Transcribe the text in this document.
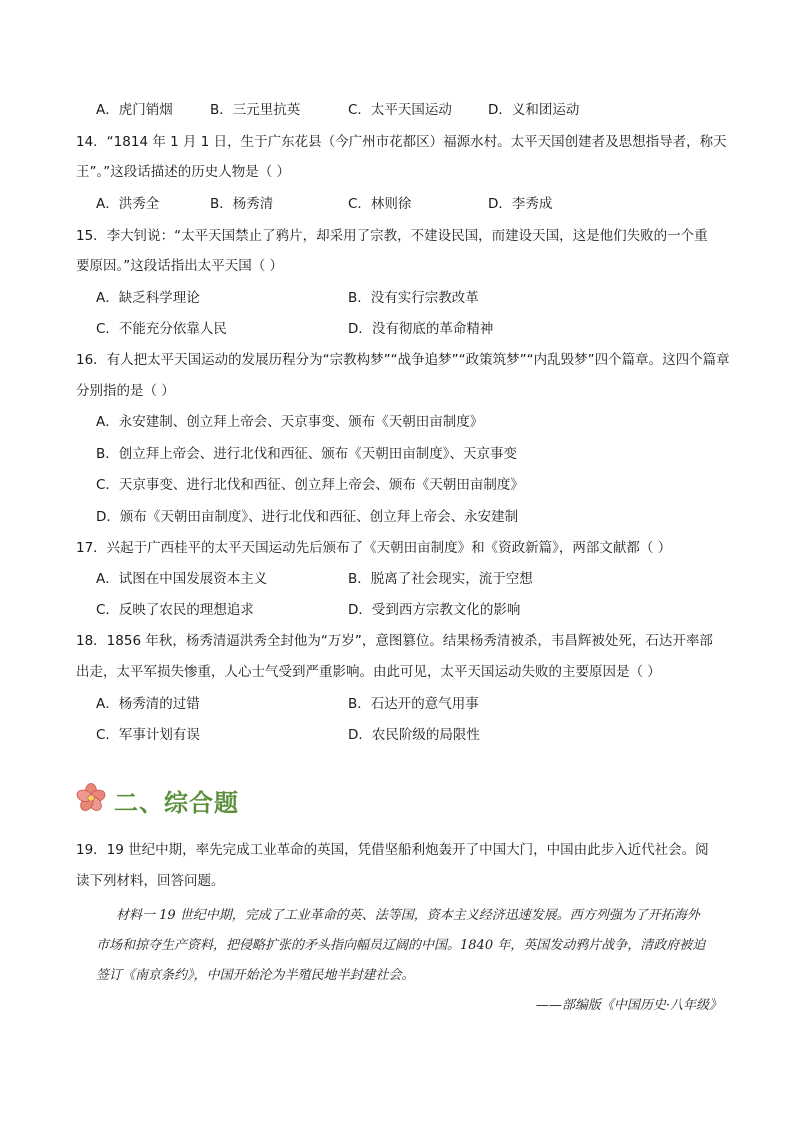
A．虎门销烟	B．三元里抗英	C．太平天国运动	D．义和团运动
14．“1814 年 1 月 1 日，生于广东花县（今广州市花都区）福源水村。太平天国创建者及思想指导者，称天
王”。”这段话描述的历史人物是（ ）
A．洪秀全	B．杨秀清	C．林则徐	D．李秀成
15．李大钊说：“太平天国禁止了鸦片，却采用了宗教，不建设民国，而建设天国，这是他们失败的一个重
要原因。”这段话指出太平天国（ ）
A．缺乏科学理论	B．没有实行宗教改革
C．不能充分依靠人民	D．没有彻底的革命精神
16．有人把太平天国运动的发展历程分为“宗教构梦”“战争追梦”“政策筑梦”“内乱毁梦”四个篇章。这四个篇章
分别指的是（ ）
A．永安建制、创立拜上帝会、天京事变、颁布《天朝田亩制度》
B．创立拜上帝会、进行北伐和西征、颁布《天朝田亩制度》、天京事变
C．天京事变、进行北伐和西征、创立拜上帝会、颁布《天朝田亩制度》
D．颁布《天朝田亩制度》、进行北伐和西征、创立拜上帝会、永安建制
17．兴起于广西桂平的太平天国运动先后颁布了《天朝田亩制度》和《资政新篇》，两部文献都（ ）
A．试图在中国发展资本主义	B．脱离了社会现实，流于空想
C．反映了农民的理想追求	D．受到西方宗教文化的影响
18．1856 年秋，杨秀清逼洪秀全封他为“万岁”，意图篡位。结果杨秀清被杀，韦昌辉被处死，石达开率部
出走，太平军损失惨重，人心士气受到严重影响。由此可见，太平天国运动失败的主要原因是（ ）
A．杨秀清的过错	B．石达开的意气用事
C．军事计划有误	D．农民阶级的局限性
二、综合题
19．19 世纪中期，率先完成工业革命的英国，凭借坚船利炮轰开了中国大门，中国由此步入近代社会。阅
读下列材料，回答问题。
材料一 19 世纪中期，完成了工业革命的英、法等国，资本主义经济迅速发展。西方列强为了开拓海外
市场和掠夺生产资料，把侵略扩张的矛头指向幅员辽阔的中国。1840 年，英国发动鸦片战争，清政府被迫
签订《南京条约》，中国开始沦为半殖民地半封建社会。
——部编版《中国历史·八年级》
